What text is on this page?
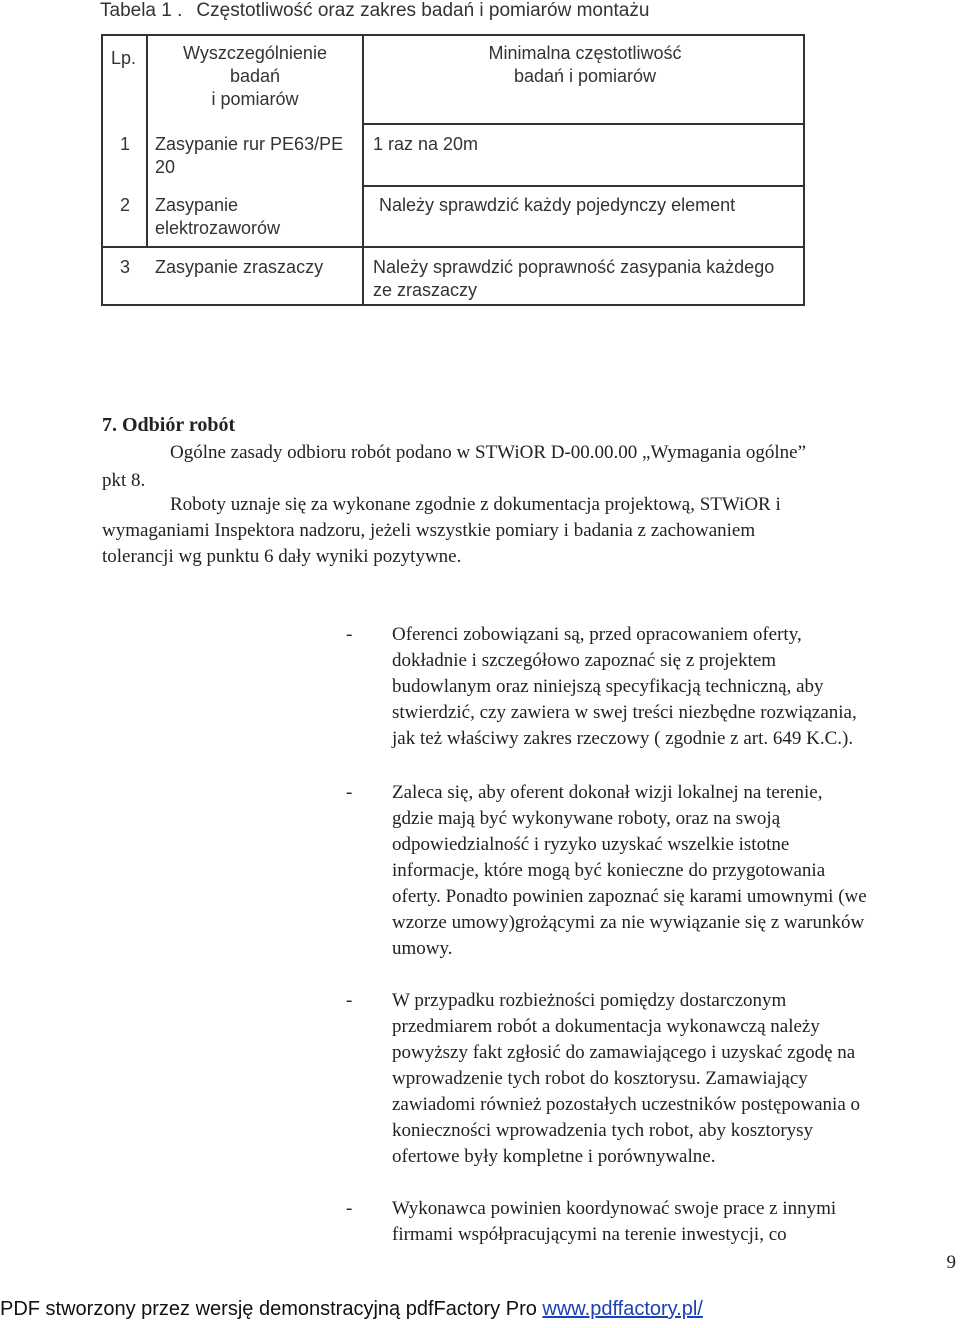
Tabela 1 . Częstotliwość oraz zakres badań i pomiarów montażu
Lp.	Wyszczególnienie
badań
i pomiarów
Minimalna częstotliwość
badań i pomiarów
1 Zasypanie rur PE63/PE
20
1 raz na 20m
2 Zasypanie
elektrozaworów
Należy sprawdzić każdy pojedynczy element
3 Zasypanie zraszaczy	Należy sprawdzić poprawność zasypania każdego
ze zraszaczy
7. Odbiór robót
Ogólne zasady odbioru robót podano w STWiOR D-00.00.00 „Wymagania ogólne”
pkt 8.
Roboty uznaje się za wykonane zgodnie z dokumentacja projektową, STWiOR i
wymaganiami Inspektora nadzoru, jeżeli wszystkie pomiary i badania z zachowaniem
tolerancji wg punktu 6 dały wyniki pozytywne.
- Oferenci zobowiązani są, przed opracowaniem oferty,
dokładnie i szczegółowo zapoznać się z projektem
budowlanym oraz niniejszą specyfikacją techniczną, aby
stwierdzić, czy zawiera w swej treści niezbędne rozwiązania,
jak też właściwy zakres rzeczowy ( zgodnie z art. 649 K.C.).
- Zaleca się, aby oferent dokonał wizji lokalnej na terenie,
gdzie mają być wykonywane roboty, oraz na swoją
odpowiedzialność i ryzyko uzyskać wszelkie istotne
informacje, które mogą być konieczne do przygotowania
oferty. Ponadto powinien zapoznać się karami umownymi (we
wzorze umowy)grożącymi za nie wywiązanie się z warunków
umowy.
- W przypadku rozbieżności pomiędzy dostarczonym
przedmiarem robót a dokumentacja wykonawczą należy
powyższy fakt zgłosić do zamawiającego i uzyskać zgodę na
wprowadzenie tych robot do kosztorysu. Zamawiający
zawiadomi również pozostałych uczestników postępowania o
konieczności wprowadzenia tych robot, aby kosztorysy
ofertowe były kompletne i porównywalne.
- Wykonawca powinien koordynować swoje prace z innymi
firmami współpracującymi na terenie inwestycji, co
9
PDF stworzony przez wersję demonstracyjną pdfFactory Pro www.pdffactory.pl/
